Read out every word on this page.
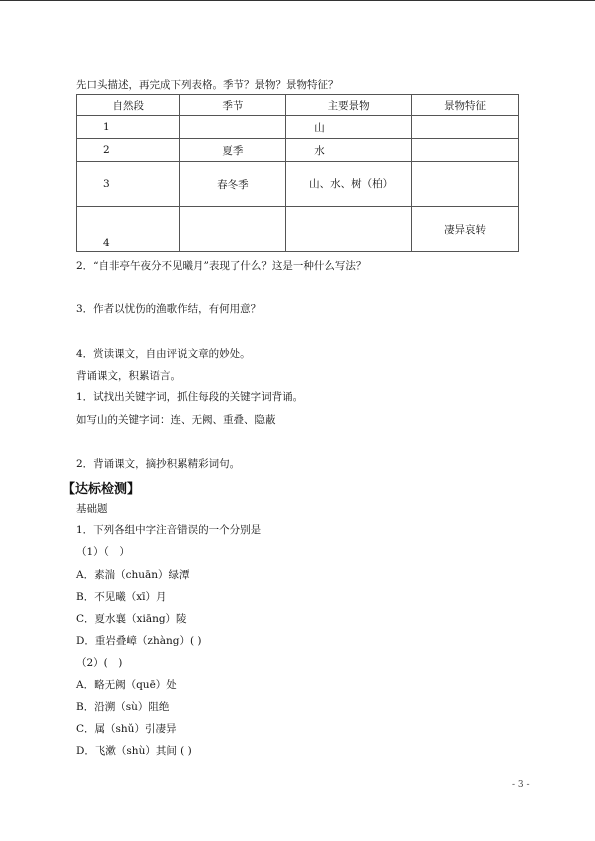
先口头描述，再完成下列表格。季节？景物？景物特征？
自然段	季节	主要景物	景物特征
1		山	
2	夏季	水	
3	春冬季	山、水、树（柏）	
4			凄异哀转
2．“自非亭午夜分不见曦月”表现了什么？这是一种什么写法？
3．作者以忧伤的渔歌作结，有何用意？
4．赏读课文，自由评说文章的妙处。
背诵课文，积累语言。
1．试找出关键字词，抓住每段的关键字词背诵。
如写山的关键字词：连、无阙、重叠、隐蔽
2．背诵课文，摘抄积累精彩词句。
【达标检测】
基础题
1．下列各组中字注音错误的一个分别是
（1）（　）
A．素湍（chuān）绿潭
B．不见曦（xī）月
C．夏水襄（xiāng）陵
D．重岩叠嶂（zhàng）( )
（2）(　)
A．略无阙（quē）处
B．沿溯（sù）阻绝
C．属（shǔ）引凄异
D．飞漱（shù）其间 ( )
- 3 -
